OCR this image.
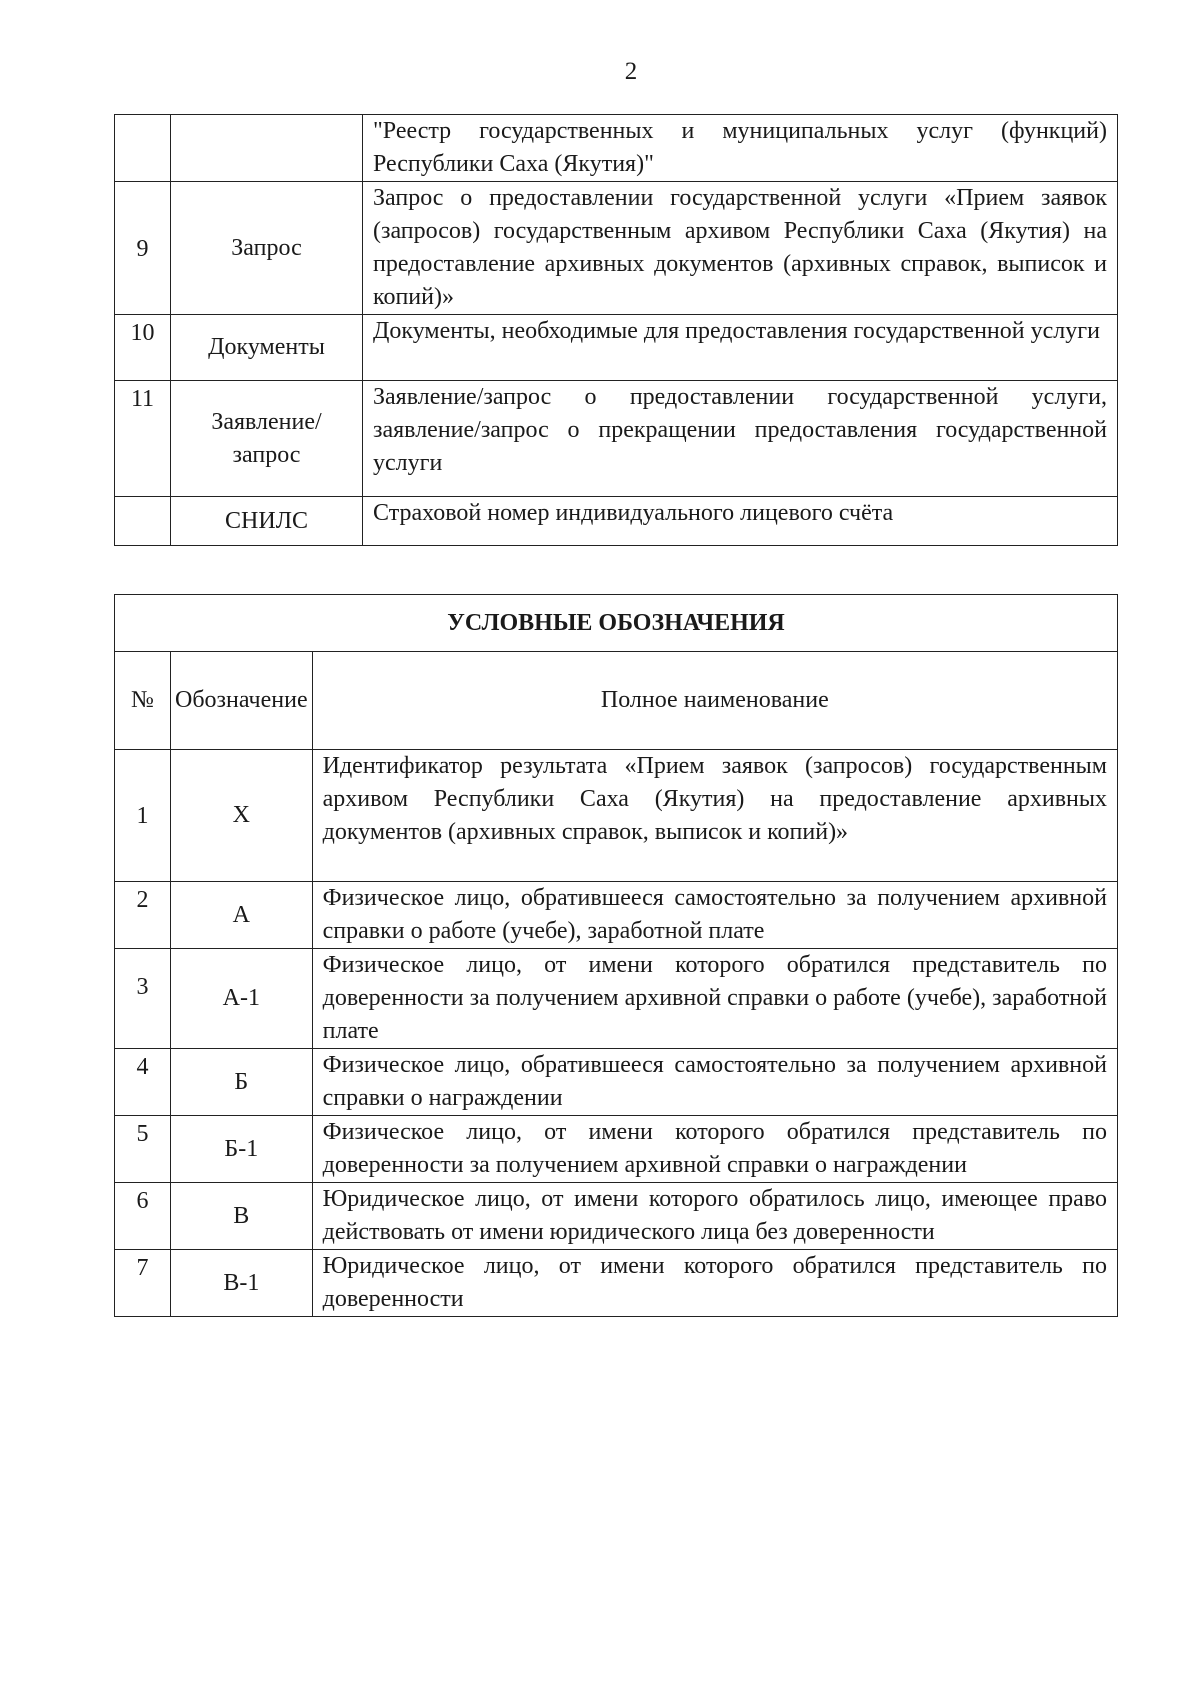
2
		"Реестр государственных и муниципальных услуг (функций) Республики Саха (Якутия)"
9	Запрос	Запрос о предоставлении государственной услуги «Прием заявок (запросов) государственным архивом Республики Саха (Якутия) на предоставление архивных документов (архивных справок, выписок и копий)»
10	Документы	Документы, необходимые для предоставления государственной услуги
11	Заявление/ запрос	Заявление/запрос о предоставлении государственной услуги, заявление/запрос о прекращении предоставления государственной услуги
	СНИЛС	Страховой номер индивидуального лицевого счёта
УСЛОВНЫЕ ОБОЗНАЧЕНИЯ		
№	Обозначение	Полное наименование
1	Х	Идентификатор результата «Прием заявок (запросов) государственным архивом Республики Саха (Якутия) на предоставление архивных документов (архивных справок, выписок и копий)»
2	А	Физическое лицо, обратившееся самостоятельно за получением архивной справки о работе (учебе), заработной плате
3	А-1	Физическое лицо, от имени которого обратился представитель по доверенности за получением архивной справки о работе (учебе), заработной плате
4	Б	Физическое лицо, обратившееся самостоятельно за получением архивной справки о награждении
5	Б-1	Физическое лицо, от имени которого обратился представитель по доверенности за получением архивной справки о награждении
6	В	Юридическое лицо, от имени которого обратилось лицо, имеющее право действовать от имени юридического лица без доверенности
7	В-1	Юридическое лицо, от имени которого обратился представитель по доверенности
